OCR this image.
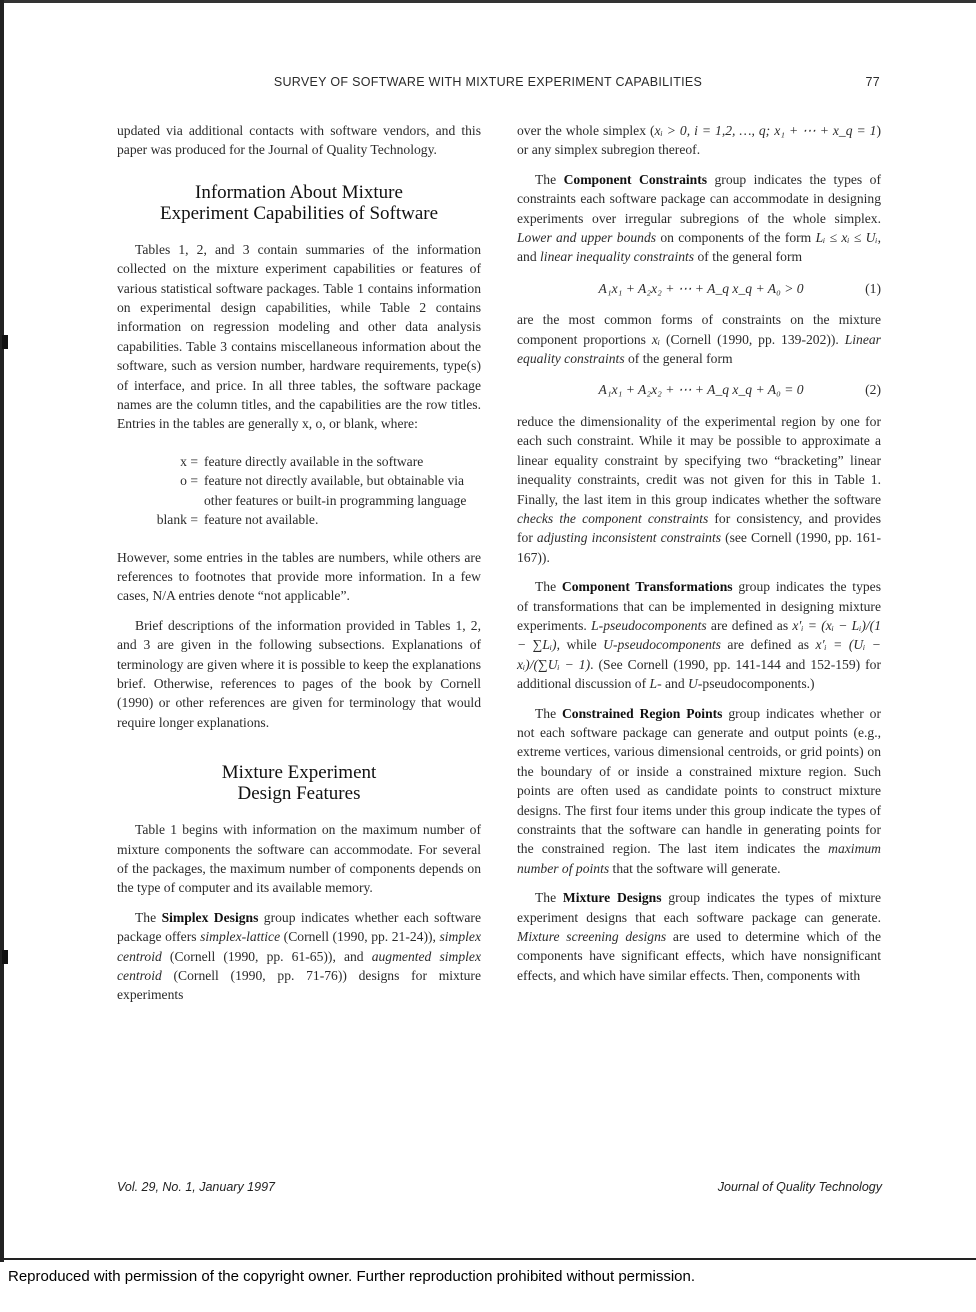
SURVEY OF SOFTWARE WITH MIXTURE EXPERIMENT CAPABILITIES	77

updated via additional contacts with software vendors, and this paper was produced for the Journal of Quality Technology.

Information About Mixture
Experiment Capabilities of Software

Tables 1, 2, and 3 contain summaries of the information collected on the mixture experiment capabilities or features of various statistical software packages. Table 1 contains information on experimental design capabilities, while Table 2 contains information on regression modeling and other data analysis capabilities. Table 3 contains miscellaneous information about the software, such as version number, hardware requirements, type(s) of interface, and price. In all three tables, the software package names are the column titles, and the capabilities are the row titles. Entries in the tables are generally x, o, or blank, where:

x = feature directly available in the software
o = feature not directly available, but obtainable via other features or built-in programming language
blank = feature not available.

However, some entries in the tables are numbers, while others are references to footnotes that provide more information. In a few cases, N/A entries denote “not applicable”.

Brief descriptions of the information provided in Tables 1, 2, and 3 are given in the following subsections. Explanations of terminology are given where it is possible to keep the explanations brief. Otherwise, references to pages of the book by Cornell (1990) or other references are given for terminology that would require longer explanations.

Mixture Experiment
Design Features

Table 1 begins with information on the maximum number of mixture components the software can accommodate. For several of the packages, the maximum number of components depends on the type of computer and its available memory.

The Simplex Designs group indicates whether each software package offers simplex-lattice (Cornell (1990, pp. 21-24)), simplex centroid (Cornell (1990, pp. 61-65)), and augmented simplex centroid (Cornell (1990, pp. 71-76)) designs for mixture experiments

over the whole simplex (xᵢ > 0, i = 1,2, …, q; x₁ + ⋯ + x_q = 1) or any simplex subregion thereof.

The Component Constraints group indicates the types of constraints each software package can accommodate in designing experiments over irregular subregions of the whole simplex. Lower and upper bounds on components of the form Lᵢ ≤ xᵢ ≤ Uᵢ, and linear inequality constraints of the general form

A₁x₁ + A₂x₂ + ⋯ + A_q x_q + A₀ > 0	(1)

are the most common forms of constraints on the mixture component proportions xᵢ (Cornell (1990, pp. 139-202)). Linear equality constraints of the general form

A₁x₁ + A₂x₂ + ⋯ + A_q x_q + A₀ = 0	(2)

reduce the dimensionality of the experimental region by one for each such constraint. While it may be possible to approximate a linear equality constraint by specifying two “bracketing” linear inequality constraints, credit was not given for this in Table 1. Finally, the last item in this group indicates whether the software checks the component constraints for consistency, and provides for adjusting inconsistent constraints (see Cornell (1990, pp. 161-167)).

The Component Transformations group indicates the types of transformations that can be implemented in designing mixture experiments. L-pseudocomponents are defined as x′ᵢ = (xᵢ − Lᵢ)/(1 − ∑Lᵢ), while U-pseudocomponents are defined as x′ᵢ = (Uᵢ − xᵢ)/(∑Uᵢ − 1). (See Cornell (1990, pp. 141-144 and 152-159) for additional discussion of L- and U-pseudocomponents.)

The Constrained Region Points group indicates whether or not each software package can generate and output points (e.g., extreme vertices, various dimensional centroids, or grid points) on the boundary of or inside a constrained mixture region. Such points are often used as candidate points to construct mixture designs. The first four items under this group indicate the types of constraints that the software can handle in generating points for the constrained region. The last item indicates the maximum number of points that the software will generate.

The Mixture Designs group indicates the types of mixture experiment designs that each software package can generate. Mixture screening designs are used to determine which of the components have significant effects, which have nonsignificant effects, and which have similar effects. Then, components with

Vol. 29, No. 1, January 1997	Journal of Quality Technology
Reproduced with permission of the copyright owner. Further reproduction prohibited without permission.
